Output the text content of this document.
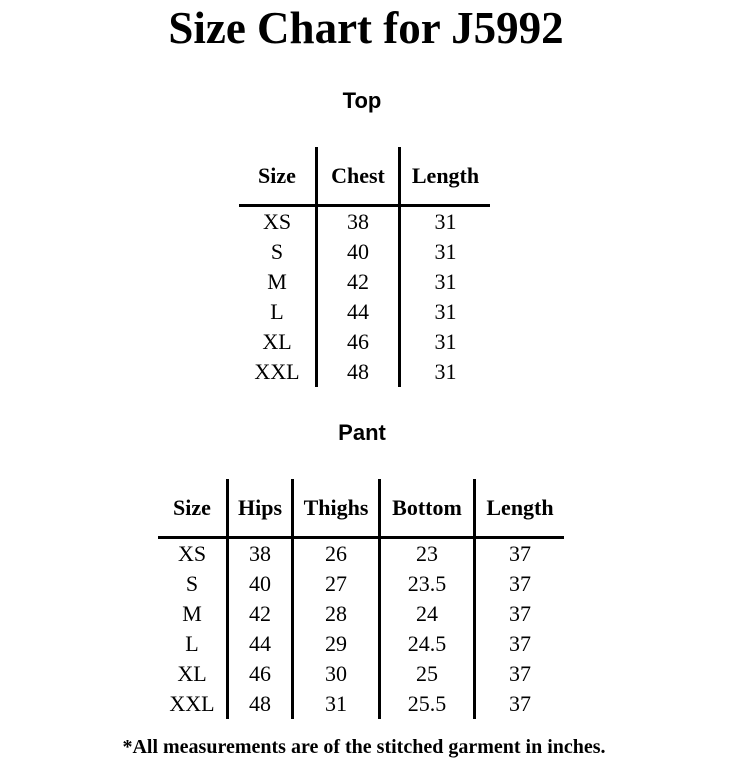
Size Chart for J5992
Top
Size	Chest	Length
XS	38	31
S	40	31
M	42	31
L	44	31
XL	46	31
XXL	48	31
Pant
Size	Hips	Thighs	Bottom	Length
XS	38	26	23	37
S	40	27	23.5	37
M	42	28	24	37
L	44	29	24.5	37
XL	46	30	25	37
XXL	48	31	25.5	37

*All measurements are of the stitched garment in inches.
